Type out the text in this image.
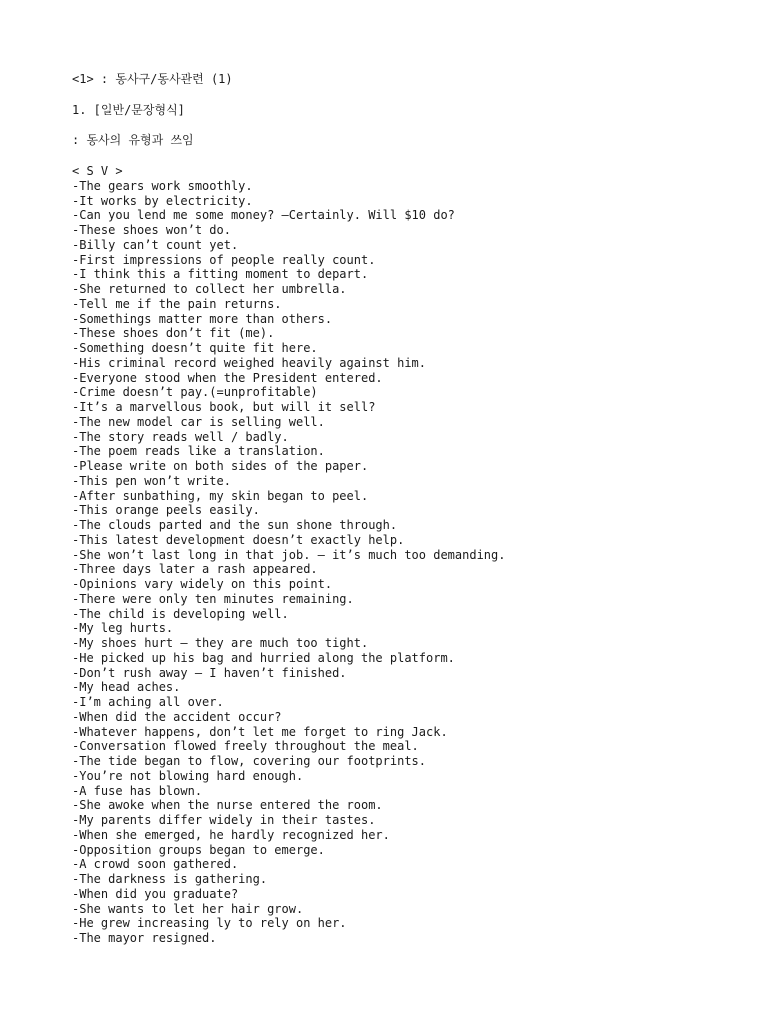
<1> : 동사구/동사관련 (1)

1. [일반/문장형식]

: 동사의 유형과 쓰임

< S V >

-The gears work smoothly.
-It works by electricity.
-Can you lend me some money? –Certainly. Will $10 do?
-These shoes won’t do.
-Billy can’t count yet.
-First impressions of people really count.
-I think this a fitting moment to depart.
-She returned to collect her umbrella.
-Tell me if the pain returns.
-Somethings matter more than others.
-These shoes don’t fit (me).
-Something doesn’t quite fit here.
-His criminal record weighed heavily against him.
-Everyone stood when the President entered.
-Crime doesn’t pay.(=unprofitable)
-It’s a marvellous book, but will it sell?
-The new model car is selling well.
-The story reads well / badly.
-The poem reads like a translation.
-Please write on both sides of the paper.
-This pen won’t write.
-After sunbathing, my skin began to peel.
-This orange peels easily.
-The clouds parted and the sun shone through.
-This latest development doesn’t exactly help.
-She won’t last long in that job. – it’s much too demanding.
-Three days later a rash appeared.
-Opinions vary widely on this point.
-There were only ten minutes remaining.
-The child is developing well.
-My leg hurts.
-My shoes hurt – they are much too tight.
-He picked up his bag and hurried along the platform.
-Don’t rush away – I haven’t finished.
-My head aches.
-I’m aching all over.
-When did the accident occur?
-Whatever happens, don’t let me forget to ring Jack.
-Conversation flowed freely throughout the meal.
-The tide began to flow, covering our footprints.
-You’re not blowing hard enough.
-A fuse has blown.
-She awoke when the nurse entered the room.
-My parents differ widely in their tastes.
-When she emerged, he hardly recognized her.
-Opposition groups began to emerge.
-A crowd soon gathered.
-The darkness is gathering.
-When did you graduate?
-She wants to let her hair grow.
-He grew increasing ly to rely on her.
-The mayor resigned.
